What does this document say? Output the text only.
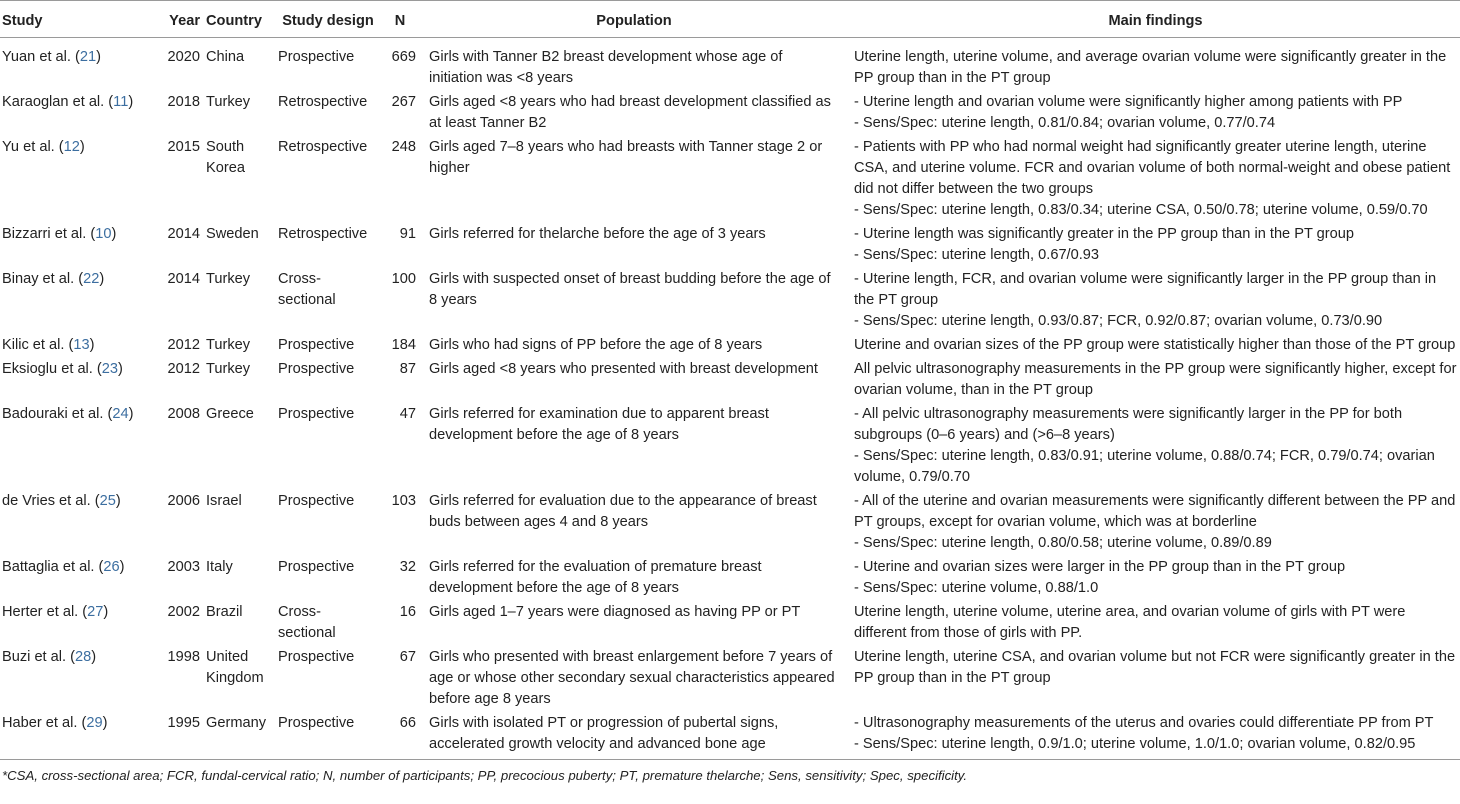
Study	Year	Country	Study design	N	Population	Main findings
Yuan et al. (21)	2020	China	Prospective	669	Girls with Tanner B2 breast development whose age of initiation was <8 years	Uterine length, uterine volume, and average ovarian volume were significantly greater in the PP group than in the PT group

Karaoglan et al. (11)	2018	Turkey	Retrospective	267	Girls aged <8 years who had breast development classified as at least Tanner B2	- Uterine length and ovarian volume were significantly higher among patients with PP
- Sens/Spec: uterine length, 0.81/0.84; ovarian volume, 0.77/0.74

Yu et al. (12)	2015	South Korea	Retrospective	248	Girls aged 7–8 years who had breasts with Tanner stage 2 or higher	- Patients with PP who had normal weight had significantly greater uterine length, uterine CSA, and uterine volume. FCR and ovarian volume of both normal-weight and obese patient did not differ between the two groups
- Sens/Spec: uterine length, 0.83/0.34; uterine CSA, 0.50/0.78; uterine volume, 0.59/0.70

Bizzarri et al. (10)	2014	Sweden	Retrospective	91	Girls referred for thelarche before the age of 3 years	- Uterine length was significantly greater in the PP group than in the PT group
- Sens/Spec: uterine length, 0.67/0.93

Binay et al. (22)	2014	Turkey	Cross-sectional	100	Girls with suspected onset of breast budding before the age of 8 years	- Uterine length, FCR, and ovarian volume were significantly larger in the PP group than in the PT group
- Sens/Spec: uterine length, 0.93/0.87; FCR, 0.92/0.87; ovarian volume, 0.73/0.90

Kilic et al. (13)	2012	Turkey	Prospective	184	Girls who had signs of PP before the age of 8 years	Uterine and ovarian sizes of the PP group were statistically higher than those of the PT group

Eksioglu et al. (23)	2012	Turkey	Prospective	87	Girls aged <8 years who presented with breast development	All pelvic ultrasonography measurements in the PP group were significantly higher, except for ovarian volume, than in the PT group

Badouraki et al. (24)	2008	Greece	Prospective	47	Girls referred for examination due to apparent breast development before the age of 8 years	- All pelvic ultrasonography measurements were significantly larger in the PP for both subgroups (0–6 years) and (>6–8 years)
- Sens/Spec: uterine length, 0.83/0.91; uterine volume, 0.88/0.74; FCR, 0.79/0.74; ovarian volume, 0.79/0.70

de Vries et al. (25)	2006	Israel	Prospective	103	Girls referred for evaluation due to the appearance of breast buds between ages 4 and 8 years	- All of the uterine and ovarian measurements were significantly different between the PP and PT groups, except for ovarian volume, which was at borderline
- Sens/Spec: uterine length, 0.80/0.58; uterine volume, 0.89/0.89

Battaglia et al. (26)	2003	Italy	Prospective	32	Girls referred for the evaluation of premature breast development before the age of 8 years	- Uterine and ovarian sizes were larger in the PP group than in the PT group
- Sens/Spec: uterine volume, 0.88/1.0

Herter et al. (27)	2002	Brazil	Cross-sectional	16	Girls aged 1–7 years were diagnosed as having PP or PT	Uterine length, uterine volume, uterine area, and ovarian volume of girls with PT were different from those of girls with PP.

Buzi et al. (28)	1998	United Kingdom	Prospective	67	Girls who presented with breast enlargement before 7 years of age or whose other secondary sexual characteristics appeared before age 8 years	Uterine length, uterine CSA, and ovarian volume but not FCR were significantly greater in the PP group than in the PT group

Haber et al. (29)	1995	Germany	Prospective	66	Girls with isolated PT or progression of pubertal signs, accelerated growth velocity and advanced bone age	- Ultrasonography measurements of the uterus and ovaries could differentiate PP from PT
- Sens/Spec: uterine length, 0.9/1.0; uterine volume, 1.0/1.0; ovarian volume, 0.82/0.95
*CSA, cross-sectional area; FCR, fundal-cervical ratio; N, number of participants; PP, precocious puberty; PT, premature thelarche; Sens, sensitivity; Spec, specificity.
